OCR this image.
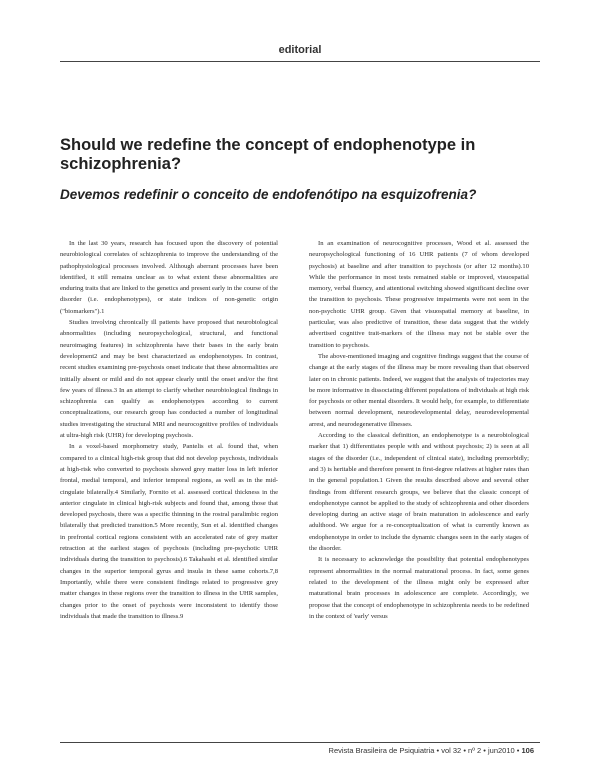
editorial
Should we redefine the concept of endophenotype in schizophrenia?
Devemos redefinir o conceito de endofenótipo na esquizofrenia?

In the last 30 years, research has focused upon the discovery of potential neurobiological correlates of schizophrenia to improve the understanding of the pathophysiological processes involved. Although aberrant processes have been identified, it still remains unclear as to what extent these abnormalities are enduring traits that are linked to the genetics and present early in the course of the disorder (i.e. endophenotypes), or state indices of non-genetic origin ("biomarkers").1

Studies involving chronically ill patients have proposed that neurobiological abnormalities (including neuropsychological, structural, and functional neuroimaging features) in schizophrenia have their bases in the early brain development2 and may be best characterized as endophenotypes. In contrast, recent studies examining pre-psychosis onset indicate that these abnormalities are initially absent or mild and do not appear clearly until the onset and/or the first few years of illness.3 In an attempt to clarify whether neurobiological findings in schizophrenia can qualify as endophenotypes according to current conceptualizations, our research group has conducted a number of longitudinal studies investigating the structural MRI and neurocognitive profiles of individuals at ultra-high risk (UHR) for developing psychosis.

In a voxel-based morphometry study, Pantelis et al. found that, when compared to a clinical high-risk group that did not develop psychosis, individuals at high-risk who converted to psychosis showed grey matter loss in left inferior frontal, medial temporal, and inferior temporal regions, as well as in the mid-cingulate bilaterally.4 Similarly, Fornito et al. assessed cortical thickness in the anterior cingulate in clinical high-risk subjects and found that, among those that developed psychosis, there was a specific thinning in the rostral paralimbic region bilaterally that predicted transition.5 More recently, Sun et al. identified changes in prefrontal cortical regions consistent with an accelerated rate of grey matter retraction at the earliest stages of psychosis (including pre-psychotic UHR individuals during the transition to psychosis).6 Takahashi et al. identified similar changes in the superior temporal gyrus and insula in these same cohorts.7,8 Importantly, while there were consistent findings related to progressive grey matter changes in these regions over the transition to illness in the UHR samples, changes prior to the onset of psychosis were inconsistent to identify those individuals that made the transition to illness.9

In an examination of neurocognitive processes, Wood et al. assessed the neuropsychological functioning of 16 UHR patients (7 of whom developed psychosis) at baseline and after transition to psychosis (or after 12 months).10 While the performance in most tests remained stable or improved, visuospatial memory, verbal fluency, and attentional switching showed significant decline over the transition to psychosis. These progressive impairments were not seen in the non-psychotic UHR group. Given that visuospatial memory at baseline, in particular, was also predictive of transition, these data suggest that the widely advertised cognitive trait-markers of the illness may not be stable over the transition to psychosis.

The above-mentioned imaging and cognitive findings suggest that the course of change at the early stages of the illness may be more revealing than that observed later on in chronic patients. Indeed, we suggest that the analysis of trajectories may be more informative in dissociating different populations of individuals at high risk for psychosis or other mental disorders. It would help, for example, to differentiate between normal development, neurodevelopmental delay, neurodevelopmental arrest, and neurodegenerative illnesses.

According to the classical definition, an endophenotype is a neurobiological marker that 1) differentiates people with and without psychosis; 2) is seen at all stages of the disorder (i.e., independent of clinical state), including premorbidly; and 3) is heritable and therefore present in first-degree relatives at higher rates than in the general population.1 Given the results described above and several other findings from different research groups, we believe that the classic concept of endophenotype cannot be applied to the study of schizophrenia and other disorders developing during an active stage of brain maturation in adolescence and early adulthood. We argue for a re-conceptualization of what is currently known as endophenotype in order to include the dynamic changes seen in the early stages of the disorder.

It is necessary to acknowledge the possibility that potential endophenotypes represent abnormalities in the normal maturational process. In fact, some genes related to the development of the illness might only be expressed after maturational brain processes in adolescence are complete. Accordingly, we propose that the concept of endophenotype in schizophrenia needs to be redefined in the context of 'early' versus

Revista Brasileira de Psiquiatria • vol 32 • nº 2 • jun2010 • 106
